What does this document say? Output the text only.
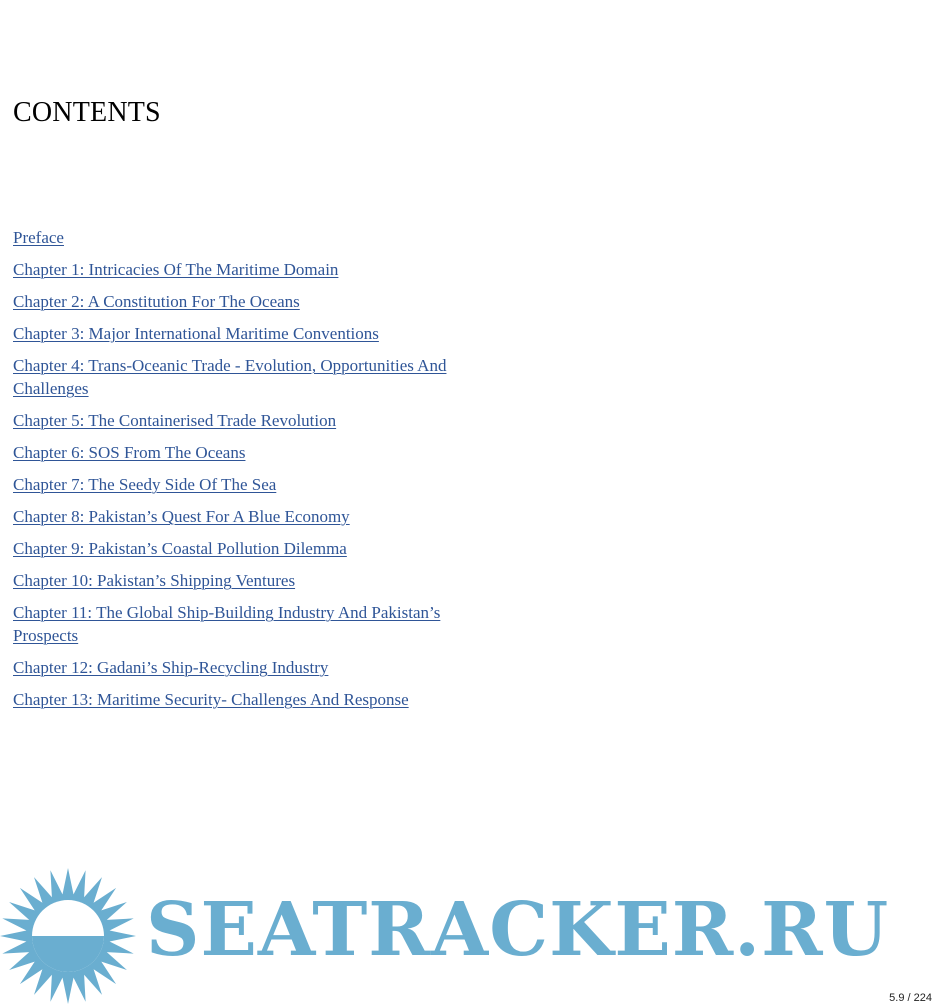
CONTENTS
Preface
Chapter 1: Intricacies Of The Maritime Domain
Chapter 2: A Constitution For The Oceans
Chapter 3: Major International Maritime Conventions
Chapter 4: Trans-Oceanic Trade - Evolution, Opportunities And Challenges
Chapter 5: The Containerised Trade Revolution
Chapter 6: SOS From The Oceans
Chapter 7: The Seedy Side Of The Sea
Chapter 8: Pakistan’s Quest For A Blue Economy
Chapter 9: Pakistan’s Coastal Pollution Dilemma
Chapter 10: Pakistan’s Shipping Ventures
Chapter 11: The Global Ship-Building Industry And Pakistan’s Prospects
Chapter 12: Gadani’s Ship-Recycling Industry
Chapter 13: Maritime Security- Challenges And Response
SEATRACKER.RU
5.9 / 224
